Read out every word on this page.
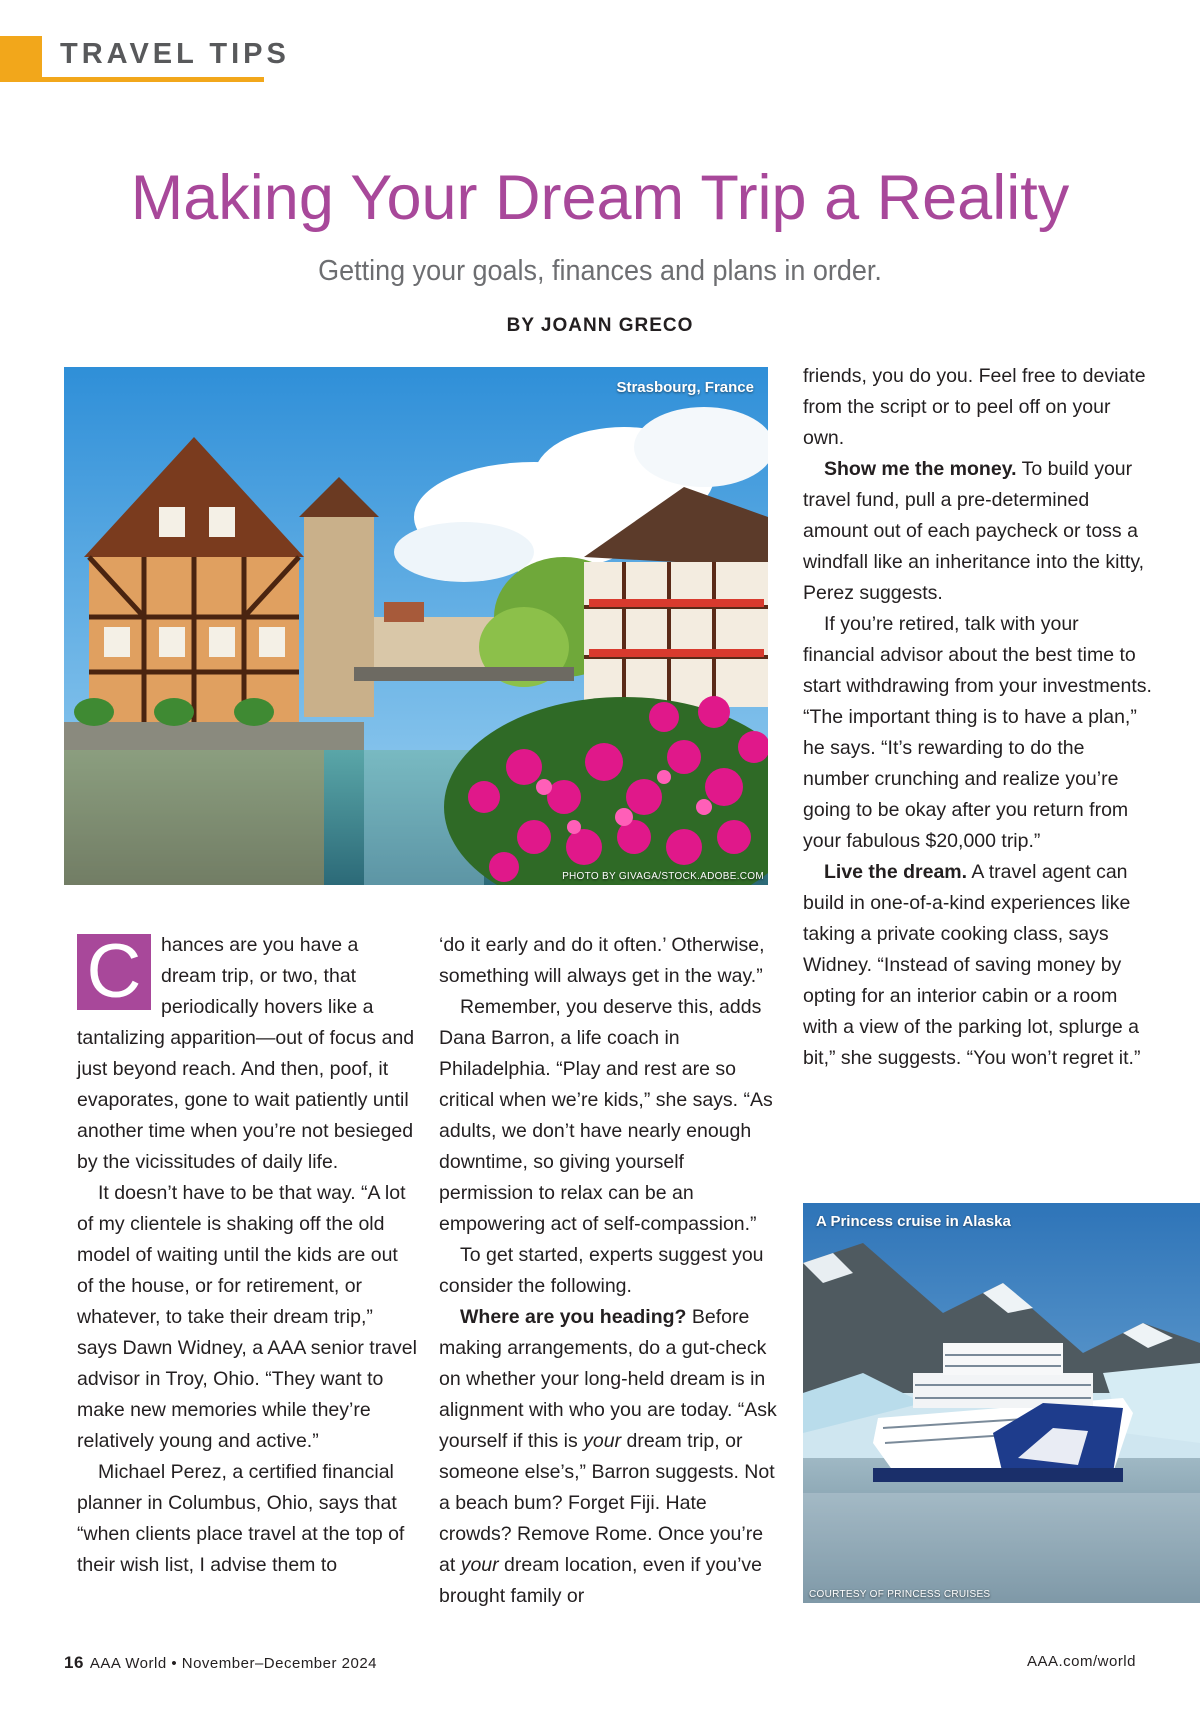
TRAVEL TIPS
Making Your Dream Trip a Reality

Getting your goals, finances and plans in order.

BY JOANN GRECO

Strasbourg, France
PHOTO BY GIVAGA/STOCK.ADOBE.COM
A Princess cruise in Alaska
COURTESY OF PRINCESS CRUISES
C	hances are you have a dream trip, or two, that periodically hovers like a tantalizing apparition—out of focus and just beyond reach. And then, poof, it evaporates, gone to wait patiently until another time when you’re not besieged by the vicissitudes of daily life.

It doesn’t have to be that way. “A lot of my clientele is shaking off the old model of waiting until the kids are out of the house, or for retirement, or whatever, to take their dream trip,” says Dawn Widney, a AAA senior travel advisor in Troy, Ohio. “They want to make new memories while they’re relatively young and active.”

Michael Perez, a certified financial planner in Columbus, Ohio, says that “when clients place travel at the top of their wish list, I advise them to

‘do it early and do it often.’ Otherwise, something will always get in the way.”

Remember, you deserve this, adds Dana Barron, a life coach in Philadelphia. “Play and rest are so critical when we’re kids,” she says. “As adults, we don’t have nearly enough downtime, so giving yourself permission to relax can be an empowering act of self-compassion.”

To get started, experts suggest you consider the following.

Where are you heading? Before making arrangements, do a gut-check on whether your long-held dream is in alignment with who you are today. “Ask yourself if this is your dream trip, or someone else’s,” Barron suggests. Not a beach bum? Forget Fiji. Hate crowds? Remove Rome. Once you’re at your dream location, even if you’ve brought family or

friends, you do you. Feel free to deviate from the script or to peel off on your own.

Show me the money. To build your travel fund, pull a pre-determined amount out of each paycheck or toss a windfall like an inheritance into the kitty, Perez suggests.

If you’re retired, talk with your financial advisor about the best time to start withdrawing from your investments. “The important thing is to have a plan,” he says. “It’s rewarding to do the number crunching and realize you’re going to be okay after you return from your fabulous $20,000 trip.”

Live the dream. A travel agent can build in one-of-a-kind experiences like taking a private cooking class, says Widney. “Instead of saving money by opting for an interior cabin or a room with a view of the parking lot, splurge a bit,” she suggests. “You won’t regret it.”

16 AAA World • November–December 2024	AAA.com/world
